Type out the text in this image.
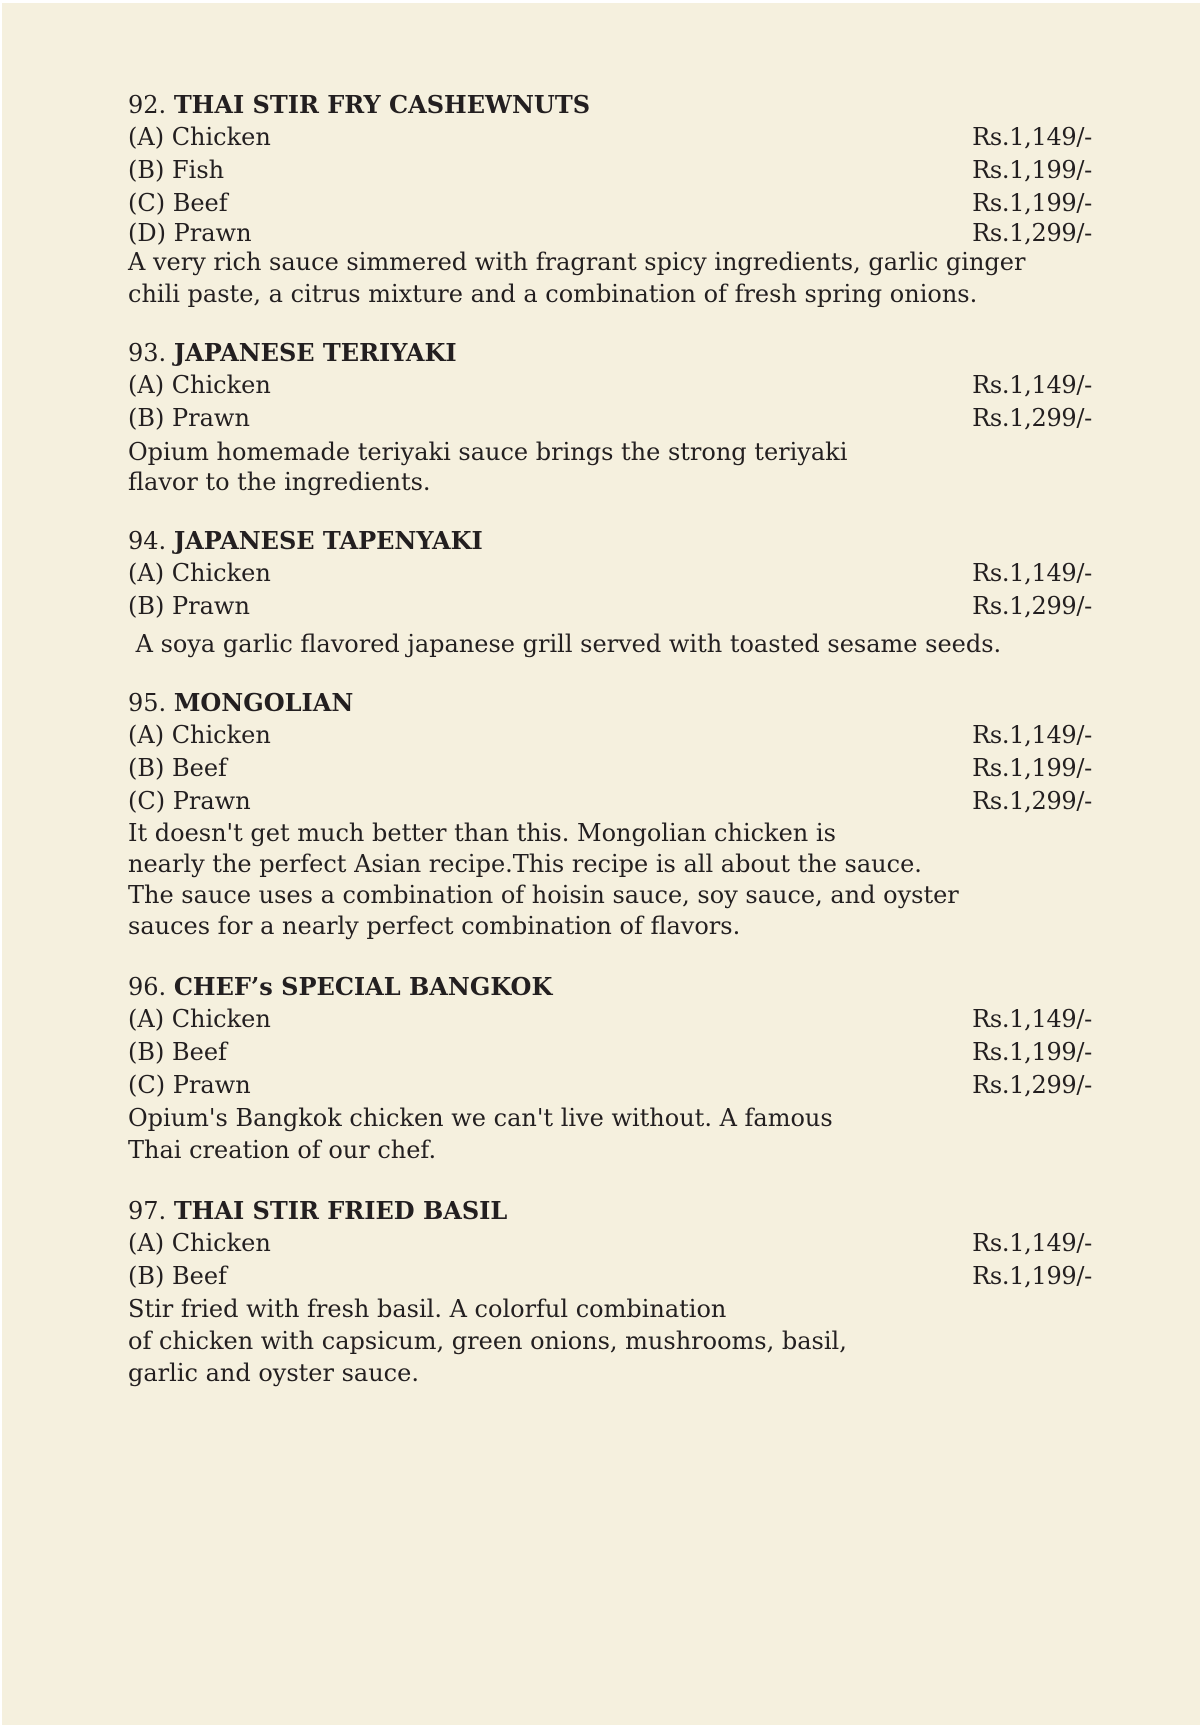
92. THAI STIR FRY CASHEWNUTS
(A) Chicken	Rs.1,149/-
(B) Fish	Rs.1,199/-
(C) Beef	Rs.1,199/-
(D) Prawn	Rs.1,299/-
A very rich sauce simmered with fragrant spicy ingredients, garlic ginger
chili paste, a citrus mixture and a combination of fresh spring onions.
93. JAPANESE TERIYAKI
(A) Chicken	Rs.1,149/-
(B) Prawn	Rs.1,299/-
Opium homemade teriyaki sauce brings the strong teriyaki
flavor to the ingredients.
94. JAPANESE TAPENYAKI
(A) Chicken	Rs.1,149/-
(B) Prawn	Rs.1,299/-
A soya garlic flavored japanese grill served with toasted sesame seeds.
95. MONGOLIAN
(A) Chicken	Rs.1,149/-
(B) Beef	Rs.1,199/-
(C) Prawn	Rs.1,299/-
It doesn't get much better than this. Mongolian chicken is
nearly the perfect Asian recipe.This recipe is all about the sauce.
The sauce uses a combination of hoisin sauce, soy sauce, and oyster
sauces for a nearly perfect combination of flavors.
96. CHEF’s SPECIAL BANGKOK
(A) Chicken	Rs.1,149/-
(B) Beef	Rs.1,199/-
(C) Prawn	Rs.1,299/-
Opium's Bangkok chicken we can't live without. A famous
Thai creation of our chef.
97. THAI STIR FRIED BASIL
(A) Chicken	Rs.1,149/-
(B) Beef	Rs.1,199/-
Stir fried with fresh basil. A colorful combination
of chicken with capsicum, green onions, mushrooms, basil,
garlic and oyster sauce.
